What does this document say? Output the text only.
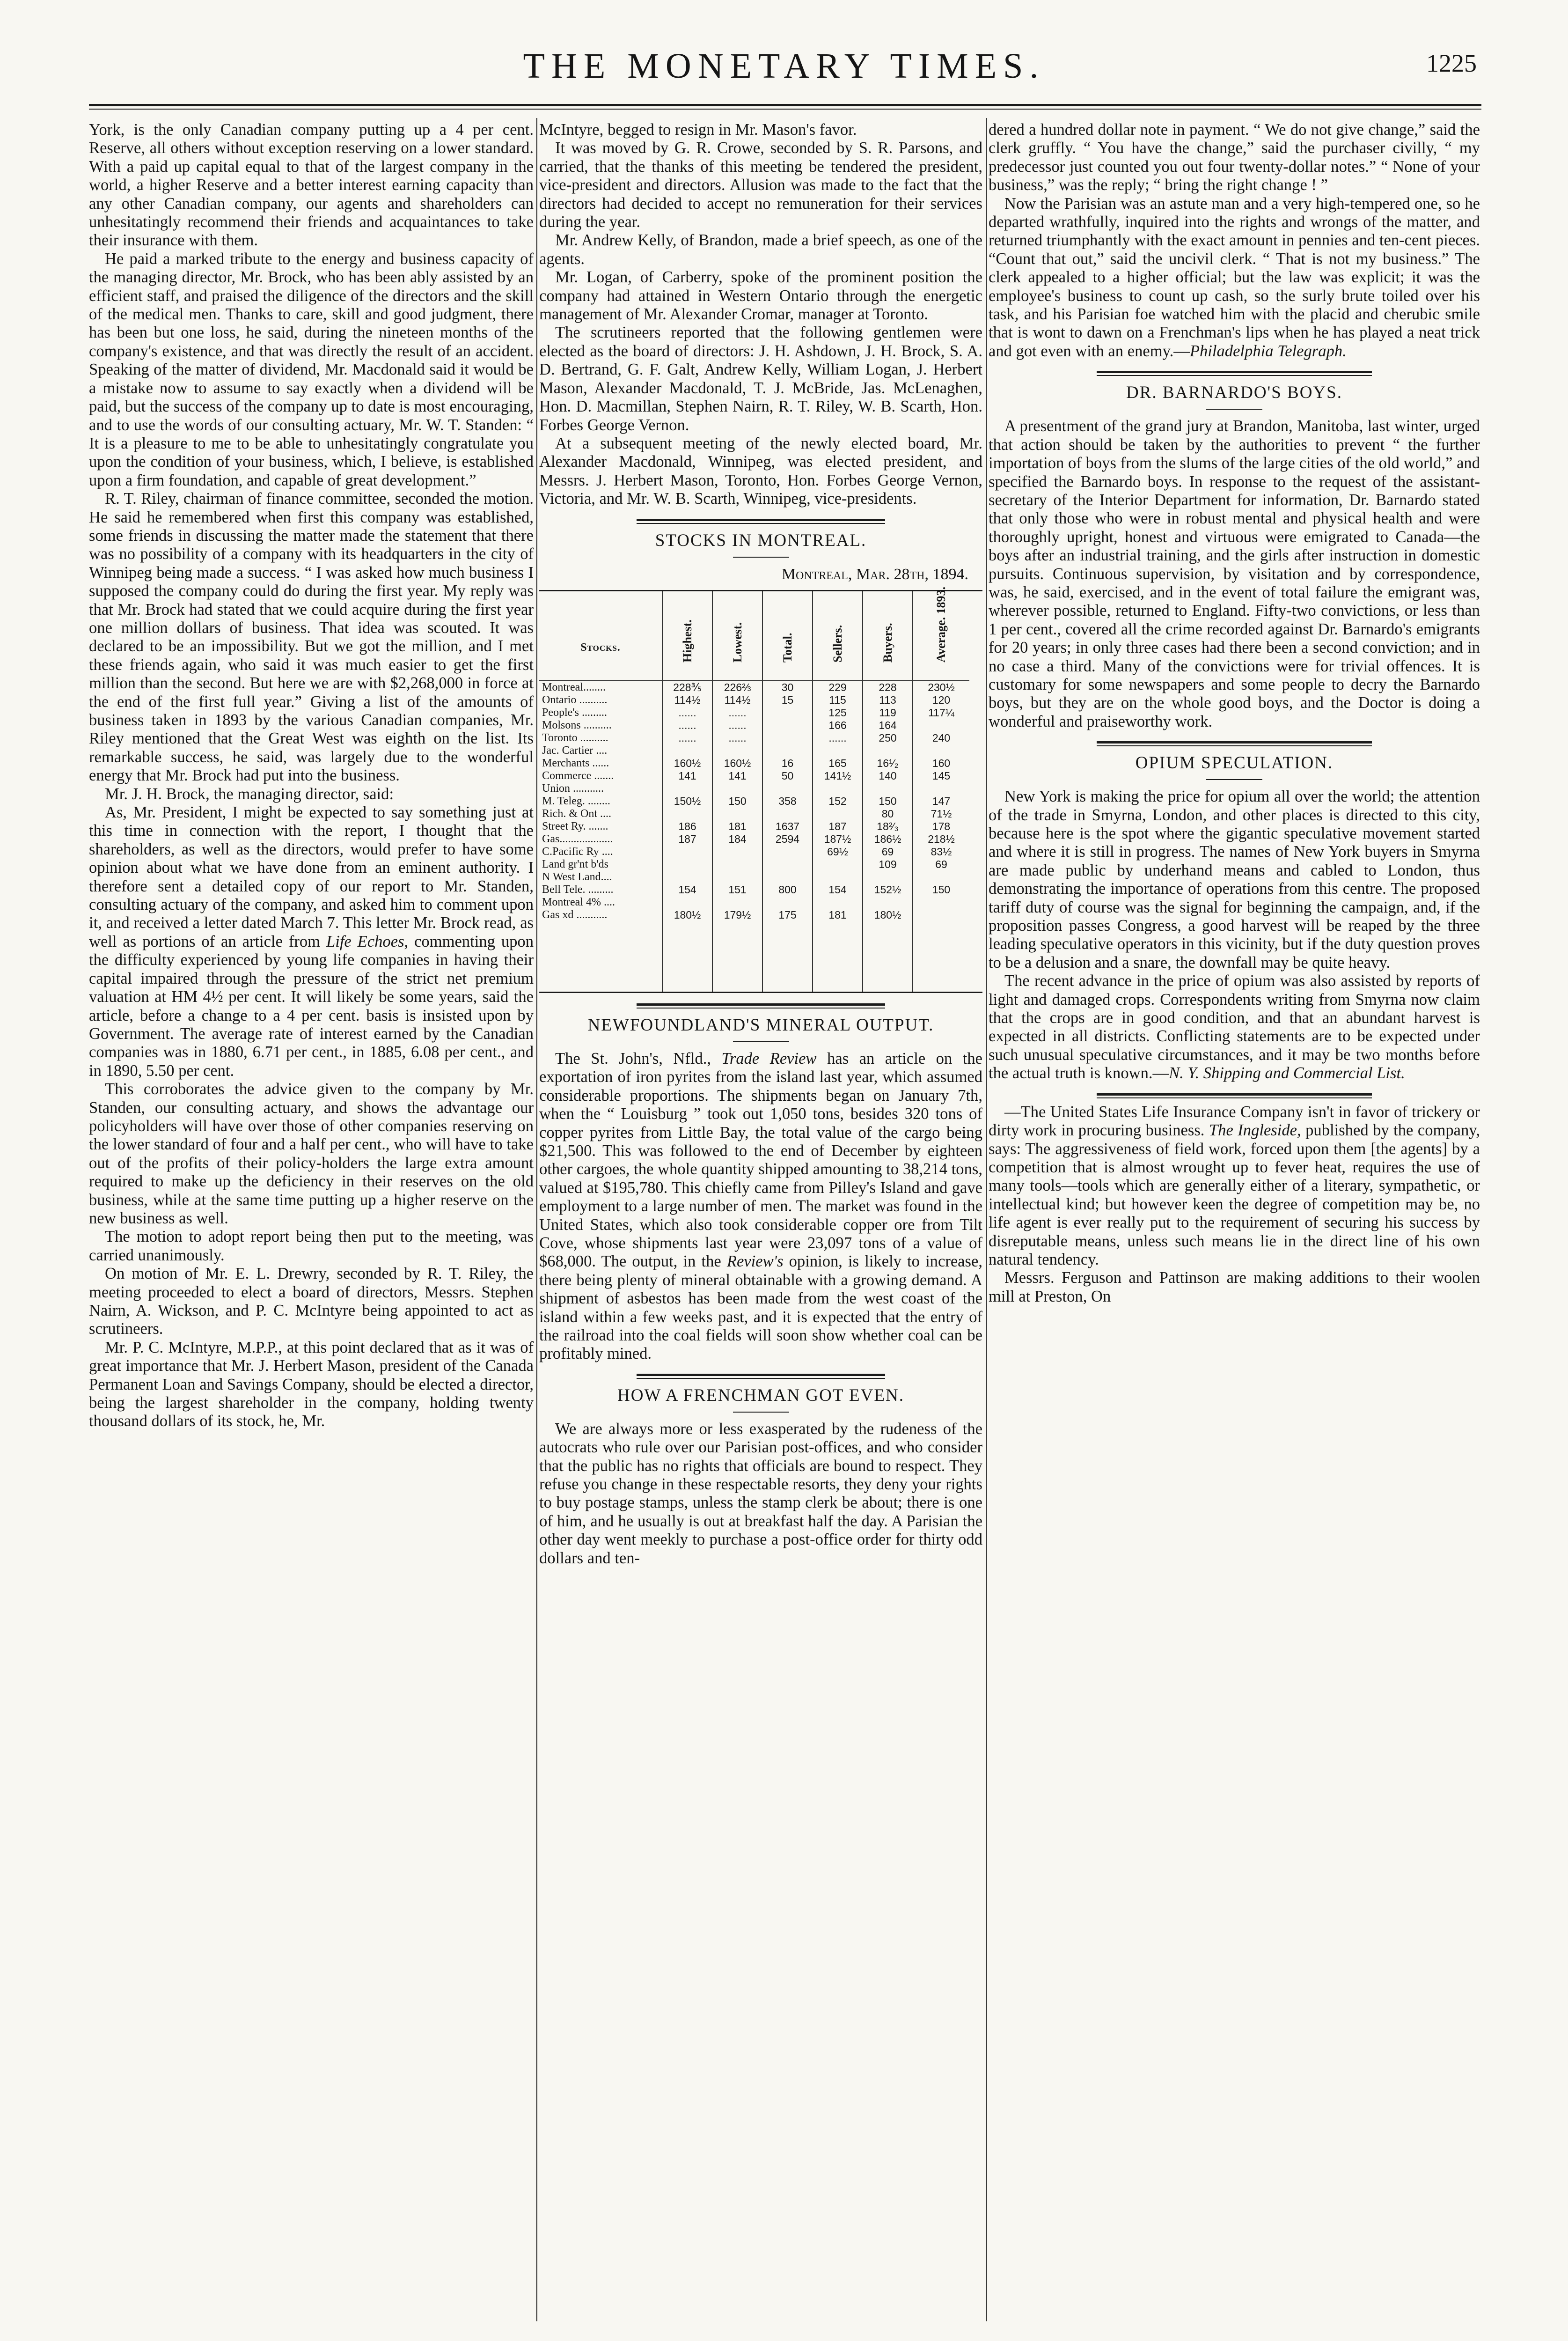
THE MONETARY TIMES.	1225

York, is the only Canadian company putting up a 4 per cent. Reserve, all others without exception reserving on a lower standard. With a paid up capital equal to that of the largest company in the world, a higher Reserve and a better interest earning capacity than any other Canadian company, our agents and shareholders can unhesitatingly recommend their friends and acquaintances to take their insurance with them.

He paid a marked tribute to the energy and business capacity of the managing director, Mr. Brock, who has been ably assisted by an efficient staff, and praised the diligence of the directors and the skill of the medical men. Thanks to care, skill and good judgment, there has been but one loss, he said, during the nineteen months of the company's existence, and that was directly the result of an accident. Speaking of the matter of dividend, Mr. Macdonald said it would be a mistake now to assume to say exactly when a dividend will be paid, but the success of the company up to date is most encouraging, and to use the words of our consulting actuary, Mr. W. T. Standen: “ It is a pleasure to me to be able to unhesitatingly congratulate you upon the condition of your business, which, I believe, is established upon a firm foundation, and capable of great development.”

R. T. Riley, chairman of finance committee, seconded the motion. He said he remembered when first this company was established, some friends in discussing the matter made the statement that there was no possibility of a company with its headquarters in the city of Winnipeg being made a success. “ I was asked how much business I supposed the company could do during the first year. My reply was that Mr. Brock had stated that we could acquire during the first year one million dollars of business. That idea was scouted. It was declared to be an impossibility. But we got the million, and I met these friends again, who said it was much easier to get the first million than the second. But here we are with $2,268,000 in force at the end of the first full year.” Giving a list of the amounts of business taken in 1893 by the various Canadian companies, Mr. Riley mentioned that the Great West was eighth on the list. Its remarkable success, he said, was largely due to the wonderful energy that Mr. Brock had put into the business.

Mr. J. H. Brock, the managing director, said:

As, Mr. President, I might be expected to say something just at this time in connection with the report, I thought that the shareholders, as well as the directors, would prefer to have some opinion about what we have done from an eminent authority. I therefore sent a detailed copy of our report to Mr. Standen, consulting actuary of the company, and asked him to comment upon it, and received a letter dated March 7. This letter Mr. Brock read, as well as portions of an article from Life Echoes, commenting upon the difficulty experienced by young life companies in having their capital impaired through the pressure of the strict net premium valuation at HM 4½ per cent. It will likely be some years, said the article, before a change to a 4 per cent. basis is insisted upon by Government. The average rate of interest earned by the Canadian companies was in 1880, 6.71 per cent., in 1885, 6.08 per cent., and in 1890, 5.50 per cent.

This corroborates the advice given to the company by Mr. Standen, our consulting actuary, and shows the advantage our policyholders will have over those of other companies reserving on the lower standard of four and a half per cent., who will have to take out of the profits of their policy-holders the large extra amount required to make up the deficiency in their reserves on the old business, while at the same time putting up a higher reserve on the new business as well.

The motion to adopt report being then put to the meeting, was carried unanimously.

On motion of Mr. E. L. Drewry, seconded by R. T. Riley, the meeting proceeded to elect a board of directors, Messrs. Stephen Nairn, A. Wickson, and P. C. McIntyre being appointed to act as scrutineers.

Mr. P. C. McIntyre, M.P.P., at this point declared that as it was of great importance that Mr. J. Herbert Mason, president of the Canada Permanent Loan and Savings Company, should be elected a director, being the largest shareholder in the company, holding twenty thousand dollars of its stock, he, Mr.

McIntyre, begged to resign in Mr. Mason's favor.

It was moved by G. R. Crowe, seconded by S. R. Parsons, and carried, that the thanks of this meeting be tendered the president, vice-president and directors. Allusion was made to the fact that the directors had decided to accept no remuneration for their services during the year.

Mr. Andrew Kelly, of Brandon, made a brief speech, as one of the agents.

Mr. Logan, of Carberry, spoke of the prominent position the company had attained in Western Ontario through the energetic management of Mr. Alexander Cromar, manager at Toronto.

The scrutineers reported that the following gentlemen were elected as the board of directors: J. H. Ashdown, J. H. Brock, S. A. D. Bertrand, G. F. Galt, Andrew Kelly, William Logan, J. Herbert Mason, Alexander Macdonald, T. J. McBride, Jas. McLenaghen, Hon. D. Macmillan, Stephen Nairn, R. T. Riley, W. B. Scarth, Hon. Forbes George Vernon.

At a subsequent meeting of the newly elected board, Mr. Alexander Macdonald, Winnipeg, was elected president, and Messrs. J. Herbert Mason, Toronto, Hon. Forbes George Vernon, Victoria, and Mr. W. B. Scarth, Winnipeg, vice-presidents.

STOCKS IN MONTREAL.
Montreal, Mar. 28th, 1894.
Stocks.
Montreal........
Ontario ..........
People's .........
Molsons ..........
Toronto ..........
Jac. Cartier ....
Merchants ......
Commerce .......
Union ...........
M. Teleg. ........
Rich. & Ont ....
Street Ry. .......
Gas...................
C.Pacific Ry ....
Land gr'nt b'ds
N West Land....
Bell Tele. .........
Montreal 4% ....
Gas xd ...........
Highest.
228⅗
114½
......
......
......
160½
141
150½
186
187
154
180½
Lowest.
226⅔
114½
......
......
......
160½
141
150
181
184
151
179½
Total.
30
15
16
50
358
1637
2594
800
175
Sellers.
229
115
125
166
......
165
141½
152
187
187½
69½
154
181
Buyers.
228
113
119
164
250
16¹⁄₂
140
150
80
18²⁄₃
186½
69
109
152½
180½
Average. 1893.
230½
120
117¼
240
160
145
147
71½
178
218½
83½
69
150
NEWFOUNDLAND'S MINERAL OUTPUT.

The St. John's, Nfld., Trade Review has an article on the exportation of iron pyrites from the island last year, which assumed considerable proportions. The shipments began on January 7th, when the “ Louisburg ” took out 1,050 tons, besides 320 tons of copper pyrites from Little Bay, the total value of the cargo being $21,500. This was followed to the end of December by eighteen other cargoes, the whole quantity shipped amounting to 38,214 tons, valued at $195,780. This chiefly came from Pilley's Island and gave employment to a large number of men. The market was found in the United States, which also took considerable copper ore from Tilt Cove, whose shipments last year were 23,097 tons of a value of $68,000. The output, in the Review's opinion, is likely to increase, there being plenty of mineral obtainable with a growing demand. A shipment of asbestos has been made from the west coast of the island within a few weeks past, and it is expected that the entry of the railroad into the coal fields will soon show whether coal can be profitably mined.

HOW A FRENCHMAN GOT EVEN.

We are always more or less exasperated by the rudeness of the autocrats who rule over our Parisian post-offices, and who consider that the public has no rights that officials are bound to respect. They refuse you change in these respectable resorts, they deny your rights to buy postage stamps, unless the stamp clerk be about; there is one of him, and he usually is out at breakfast half the day. A Parisian the other day went meekly to purchase a post-office order for thirty odd dollars and ten-

dered a hundred dollar note in payment. “ We do not give change,” said the clerk gruffly. “ You have the change,” said the purchaser civilly, “ my predecessor just counted you out four twenty-dollar notes.” “ None of your business,” was the reply; “ bring the right change ! ”

Now the Parisian was an astute man and a very high-tempered one, so he departed wrathfully, inquired into the rights and wrongs of the matter, and returned triumphantly with the exact amount in pennies and ten-cent pieces. “Count that out,” said the uncivil clerk. “ That is not my business.” The clerk appealed to a higher official; but the law was explicit; it was the employee's business to count up cash, so the surly brute toiled over his task, and his Parisian foe watched him with the placid and cherubic smile that is wont to dawn on a Frenchman's lips when he has played a neat trick and got even with an enemy.—Philadelphia Telegraph.

DR. BARNARDO'S BOYS.

A presentment of the grand jury at Brandon, Manitoba, last winter, urged that action should be taken by the authorities to prevent “ the further importation of boys from the slums of the large cities of the old world,” and specified the Barnardo boys. In response to the request of the assistant-secretary of the Interior Department for information, Dr. Barnardo stated that only those who were in robust mental and physical health and were thoroughly upright, honest and virtuous were emigrated to Canada—the boys after an industrial training, and the girls after instruction in domestic pursuits. Continuous supervision, by visitation and by correspondence, was, he said, exercised, and in the event of total failure the emigrant was, wherever possible, returned to England. Fifty-two convictions, or less than 1 per cent., covered all the crime recorded against Dr. Barnardo's emigrants for 20 years; in only three cases had there been a second conviction; and in no case a third. Many of the convictions were for trivial offences. It is customary for some newspapers and some people to decry the Barnardo boys, but they are on the whole good boys, and the Doctor is doing a wonderful and praiseworthy work.

OPIUM SPECULATION.

New York is making the price for opium all over the world; the attention of the trade in Smyrna, London, and other places is directed to this city, because here is the spot where the gigantic speculative movement started and where it is still in progress. The names of New York buyers in Smyrna are made public by underhand means and cabled to London, thus demonstrating the importance of operations from this centre. The proposed tariff duty of course was the signal for beginning the campaign, and, if the proposition passes Congress, a good harvest will be reaped by the three leading speculative operators in this vicinity, but if the duty question proves to be a delusion and a snare, the downfall may be quite heavy.

The recent advance in the price of opium was also assisted by reports of light and damaged crops. Correspondents writing from Smyrna now claim that the crops are in good condition, and that an abundant harvest is expected in all districts. Conflicting statements are to be expected under such unusual speculative circumstances, and it may be two months before the actual truth is known.—N. Y. Shipping and Commercial List.

—The United States Life Insurance Company isn't in favor of trickery or dirty work in procuring business. The Ingleside, published by the company, says: The aggressiveness of field work, forced upon them [the agents] by a competition that is almost wrought up to fever heat, requires the use of many tools—tools which are generally either of a literary, sympathetic, or intellectual kind; but however keen the degree of competition may be, no life agent is ever really put to the requirement of securing his success by disreputable means, unless such means lie in the direct line of his own natural tendency.

Messrs. Ferguson and Pattinson are making additions to their woolen mill at Preston, On
